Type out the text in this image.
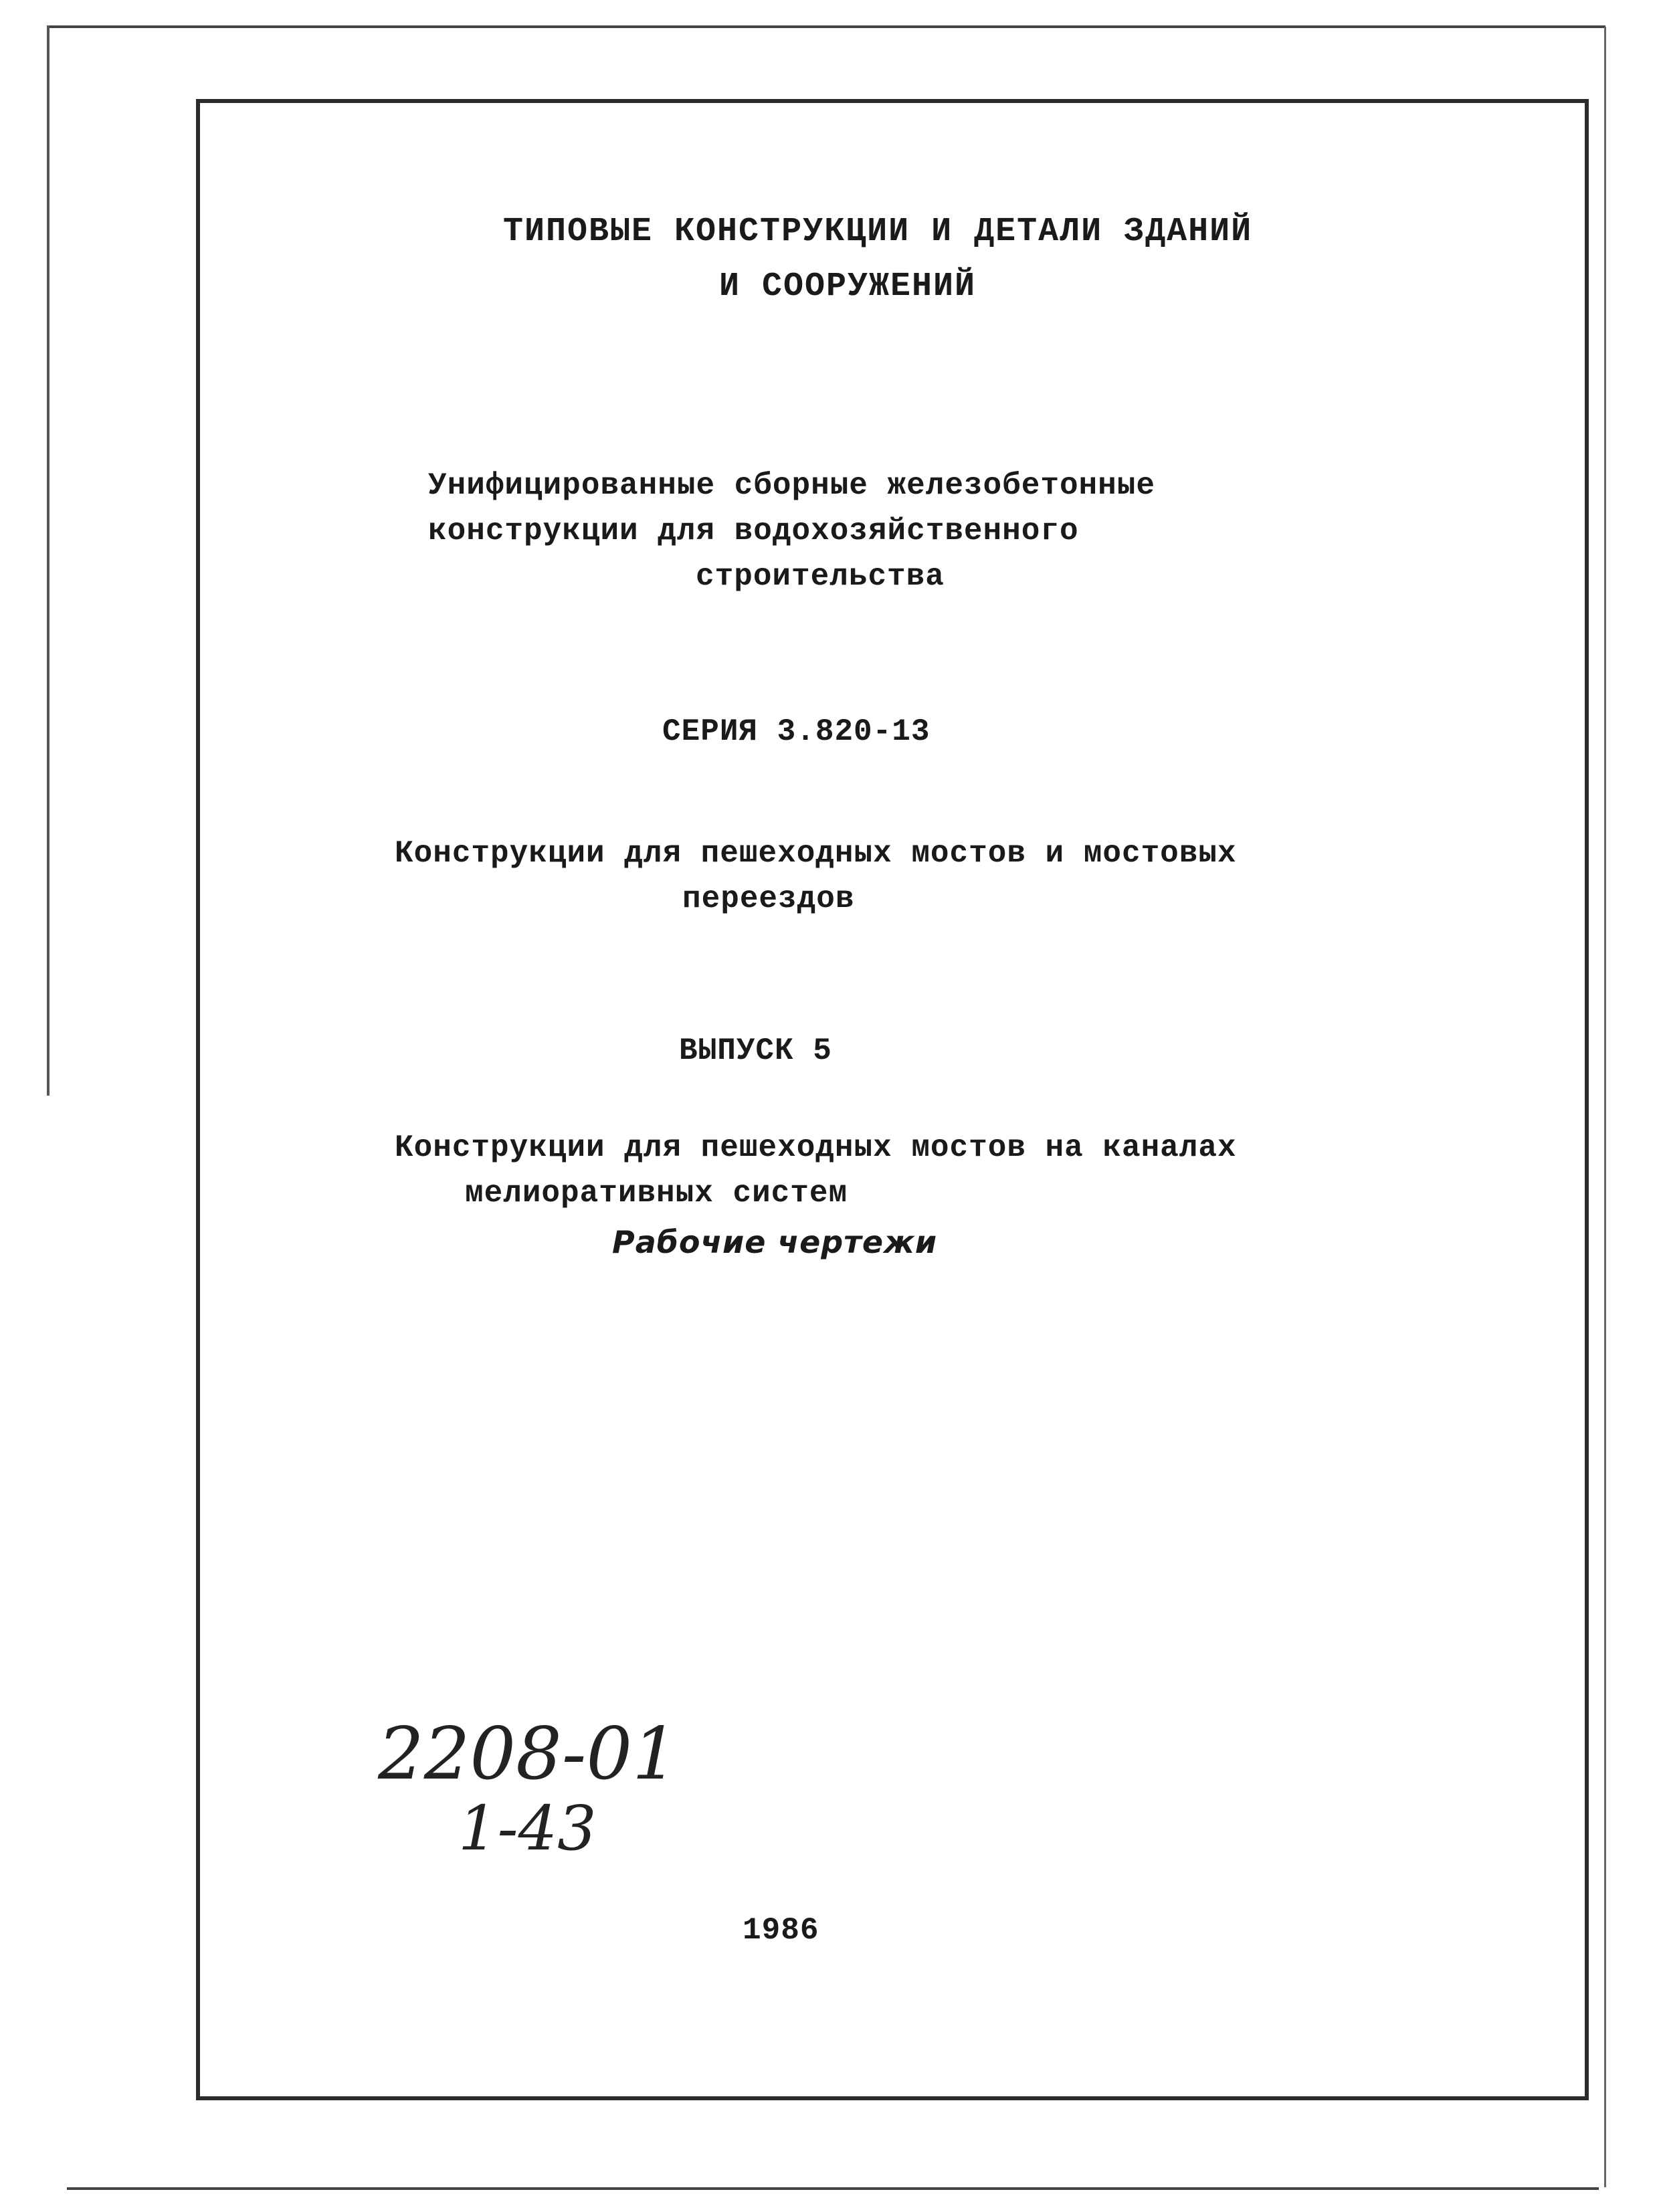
ТИПОВЫЕ КОНСТРУКЦИИ И ДЕТАЛИ ЗДАНИЙ
И СООРУЖЕНИЙ
Унифицированные сборные железобетонные
конструкции для водохозяйственного
строительства
СЕРИЯ 3.820-13
Конструкции для пешеходных мостов и мостовых
переездов
ВЫПУСК 5
Конструкции для пешеходных мостов на каналах
мелиоративных систем
Рабочие чертежи
2208-01
1-43
1986
